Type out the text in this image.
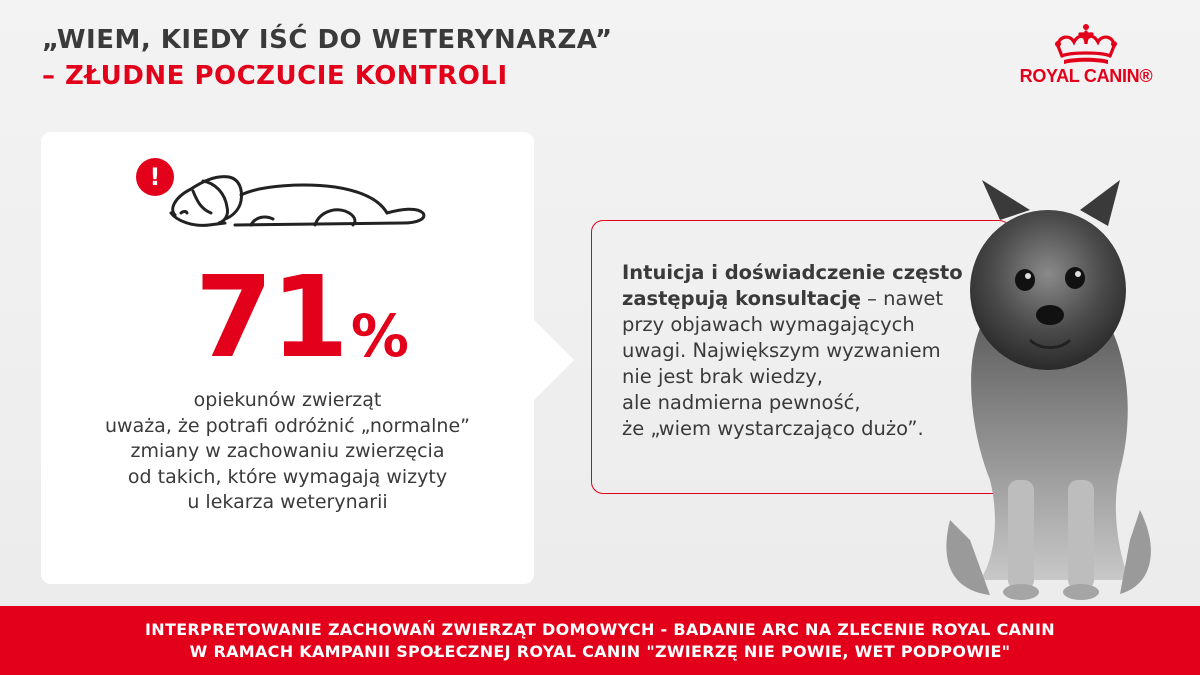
„WIEM, KIEDY IŚĆ DO WETERYNARZA”
– ZŁUDNE POCZUCIE KONTROLI	ROYAL CANIN®
!
71%

opiekunów zwierząt
uważa, że potrafi odróżnić „normalne”
zmiany w zachowaniu zwierzęcia
od takich, które wymagają wizyty
u lekarza weterynarii

Intuicja i doświadczenie często zastępują konsultację – nawet
przy objawach wymagających
uwagi. Największym wyzwaniem
nie jest brak wiedzy,
ale nadmierna pewność,
że „wiem wystarczająco dużo”.

INTERPRETOWANIE ZACHOWAŃ ZWIERZĄT DOMOWYCH - BADANIE ARC NA ZLECENIE ROYAL CANIN
W RAMACH KAMPANII SPOŁECZNEJ ROYAL CANIN "ZWIERZĘ NIE POWIE, WET PODPOWIE"
